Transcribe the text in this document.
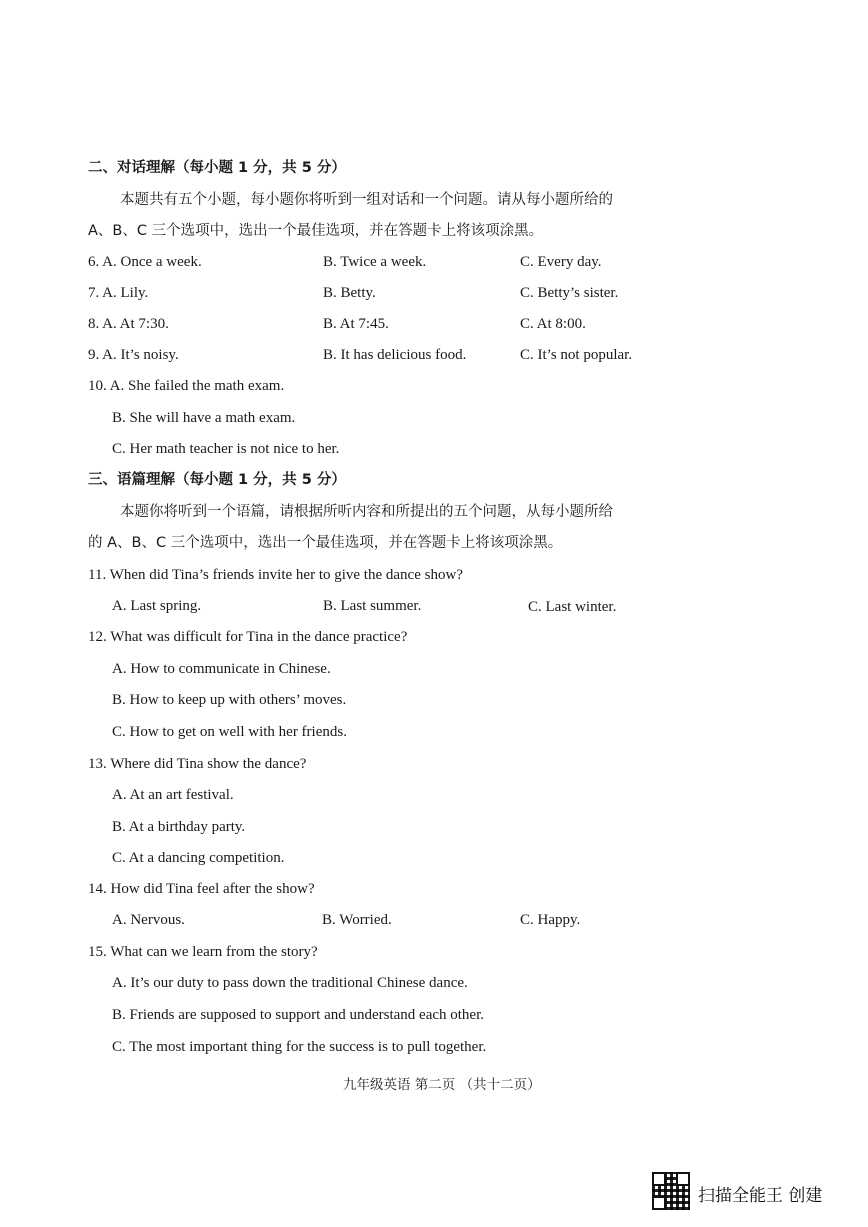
二、对话理解（每小题 1 分，共 5 分）
本题共有五个小题，每小题你将听到一组对话和一个问题。请从每小题所给的
A、B、C 三个选项中，选出一个最佳选项，并在答题卡上将该项涂黑。
6. A. Once a week.	B. Twice a week.	C. Every day.
7. A. Lily.	B. Betty.	C. Betty’s sister.
8. A. At 7:30.	B. At 7:45.	C. At 8:00.
9. A. It’s noisy.	B. It has delicious food.	C. It’s not popular.
10. A. She failed the math exam.
B. She will have a math exam.
C. Her math teacher is not nice to her.
三、语篇理解（每小题 1 分，共 5 分）
本题你将听到一个语篇，请根据所听内容和所提出的五个问题，从每小题所给
的 A、B、C 三个选项中，选出一个最佳选项，并在答题卡上将该项涂黑。
11. When did Tina’s friends invite her to give the dance show?
A. Last spring.	B. Last summer.	C. Last winter.
12. What was difficult for Tina in the dance practice?
A. How to communicate in Chinese.
B. How to keep up with others’ moves.
C. How to get on well with her friends.
13. Where did Tina show the dance?
A. At an art festival.
B. At a birthday party.
C. At a dancing competition.
14. How did Tina feel after the show?
A. Nervous.	B. Worried.	C. Happy.
15. What can we learn from the story?
A. It’s our duty to pass down the traditional Chinese dance.
B. Friends are supposed to support and understand each other.
C. The most important thing for the success is to pull together.
九年级英语 第二页 （共十二页）
扫描全能王 创建
